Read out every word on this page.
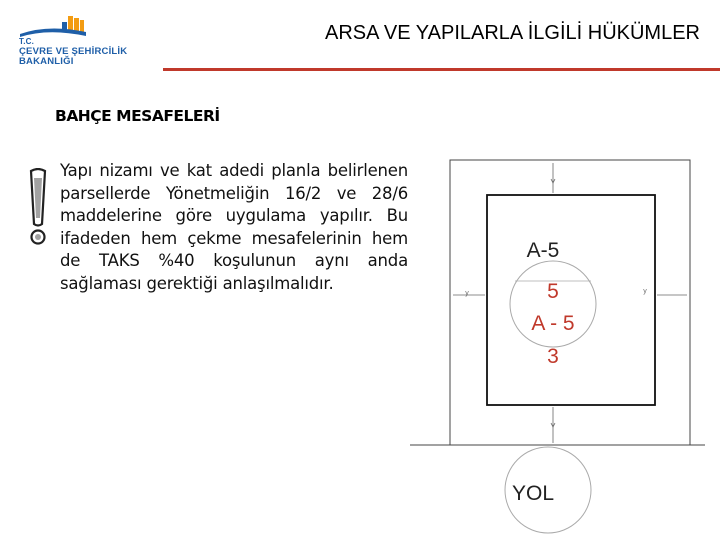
T.C.
ÇEVRE VE ŞEHİRCİLİK
BAKANLIĞI
ARSA VE YAPILARLA İLGİLİ HÜKÜMLER
BAHÇE MESAFELERİ
Yapı nizamı ve kat adedi planla belirlenen parsellerde Yönetmeliğin 16/2 ve 28/6 maddelerine göre uygulama yapılır. Bu ifadeden hem çekme mesafelerinin hem de TAKS %40 koşulunun aynı anda sağlaması gerektiği anlaşılmalıdır.
A-5
5
A - 5
3
y	y
YOL
